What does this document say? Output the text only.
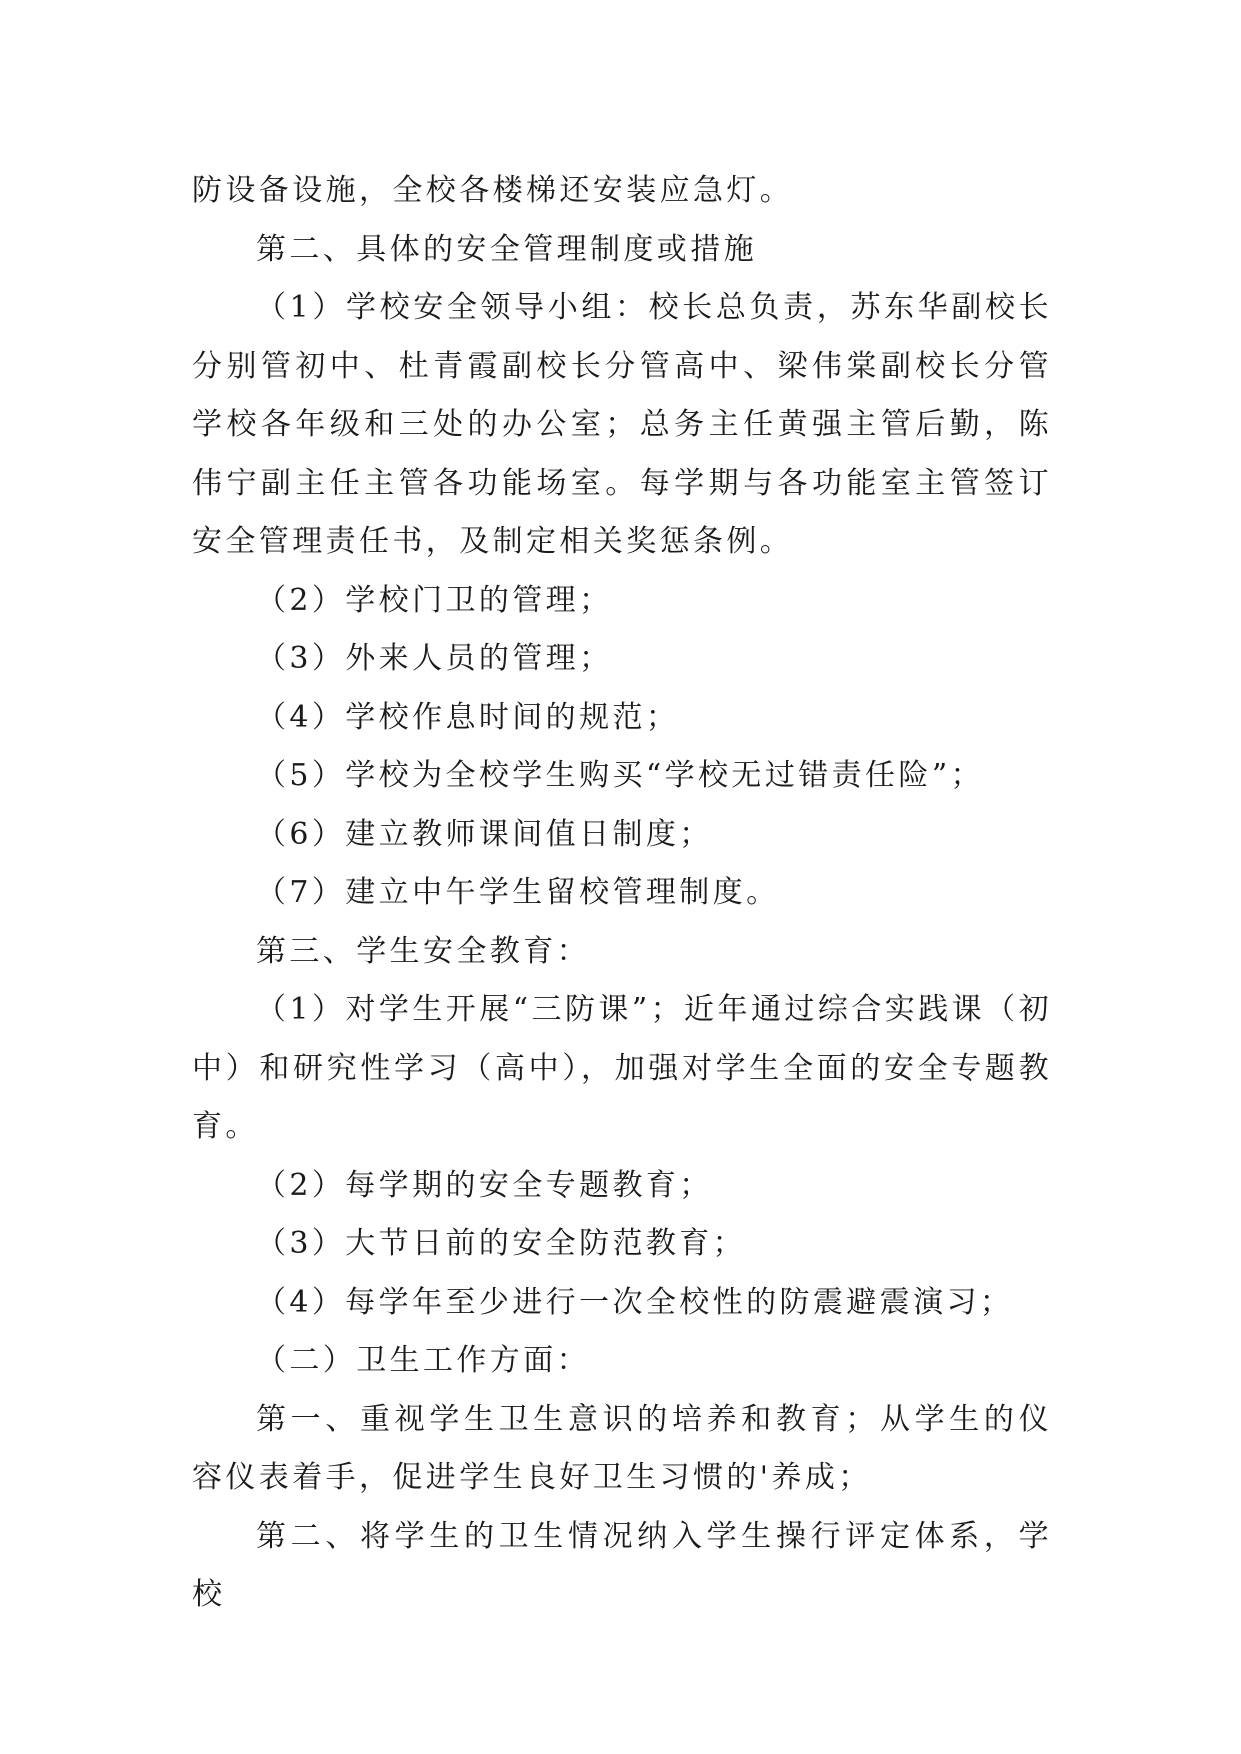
防设备设施，全校各楼梯还安装应急灯。

第二、具体的安全管理制度或措施

（1）学校安全领导小组：校长总负责，苏东华副校长分别管初中、杜青霞副校长分管高中、梁伟棠副校长分管学校各年级和三处的办公室；总务主任黄强主管后勤，陈伟宁副主任主管各功能场室。每学期与各功能室主管签订安全管理责任书，及制定相关奖惩条例。

（2）学校门卫的管理；

（3）外来人员的管理；

（4）学校作息时间的规范；

（5）学校为全校学生购买“学校无过错责任险”；

（6）建立教师课间值日制度；

（7）建立中午学生留校管理制度。

第三、学生安全教育：

（1）对学生开展“三防课”；近年通过综合实践课（初中）和研究性学习（高中），加强对学生全面的安全专题教育。

（2）每学期的安全专题教育；

（3）大节日前的安全防范教育；

（4）每学年至少进行一次全校性的防震避震演习；

（二）卫生工作方面：

第一、重视学生卫生意识的培养和教育；从学生的仪容仪表着手，促进学生良好卫生习惯的'养成；

第二、将学生的卫生情况纳入学生操行评定体系，学校
